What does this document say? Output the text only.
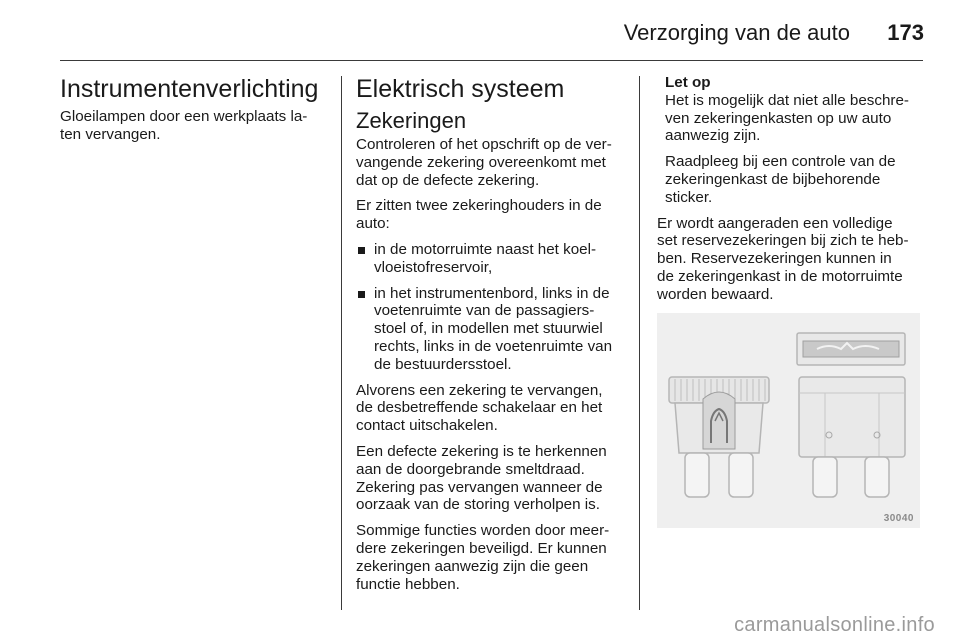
Verzorging van de auto	173
Instrumentenverlichting

Gloeilampen door een werkplaats la-
ten vervangen.

Elektrisch systeem
Zekeringen

Controleren of het opschrift op de ver-
vangende zekering overeenkomt met
dat op de defecte zekering.

Er zitten twee zekeringhouders in de
auto:

in de motorruimte naast het koel-
vloeistofreservoir,
in het instrumentenbord, links in de
voetenruimte van de passagiers-
stoel of, in modellen met stuurwiel
rechts, links in de voetenruimte van
de bestuurdersstoel.

Alvorens een zekering te vervangen,
de desbetreffende schakelaar en het
contact uitschakelen.

Een defecte zekering is te herkennen
aan de doorgebrande smeltdraad.
Zekering pas vervangen wanneer de
oorzaak van de storing verholpen is.

Sommige functies worden door meer-
dere zekeringen beveiligd. Er kunnen
zekeringen aanwezig zijn die geen
functie hebben.

Let op

Het is mogelijk dat niet alle beschre-
ven zekeringenkasten op uw auto
aanwezig zijn.

Raadpleeg bij een controle van de
zekeringenkast de bijbehorende
sticker.

Er wordt aangeraden een volledige
set reservezekeringen bij zich te heb-
ben. Reservezekeringen kunnen in
de zekeringenkast in de motorruimte
worden bewaard.

30040
carmanualsonline.info
